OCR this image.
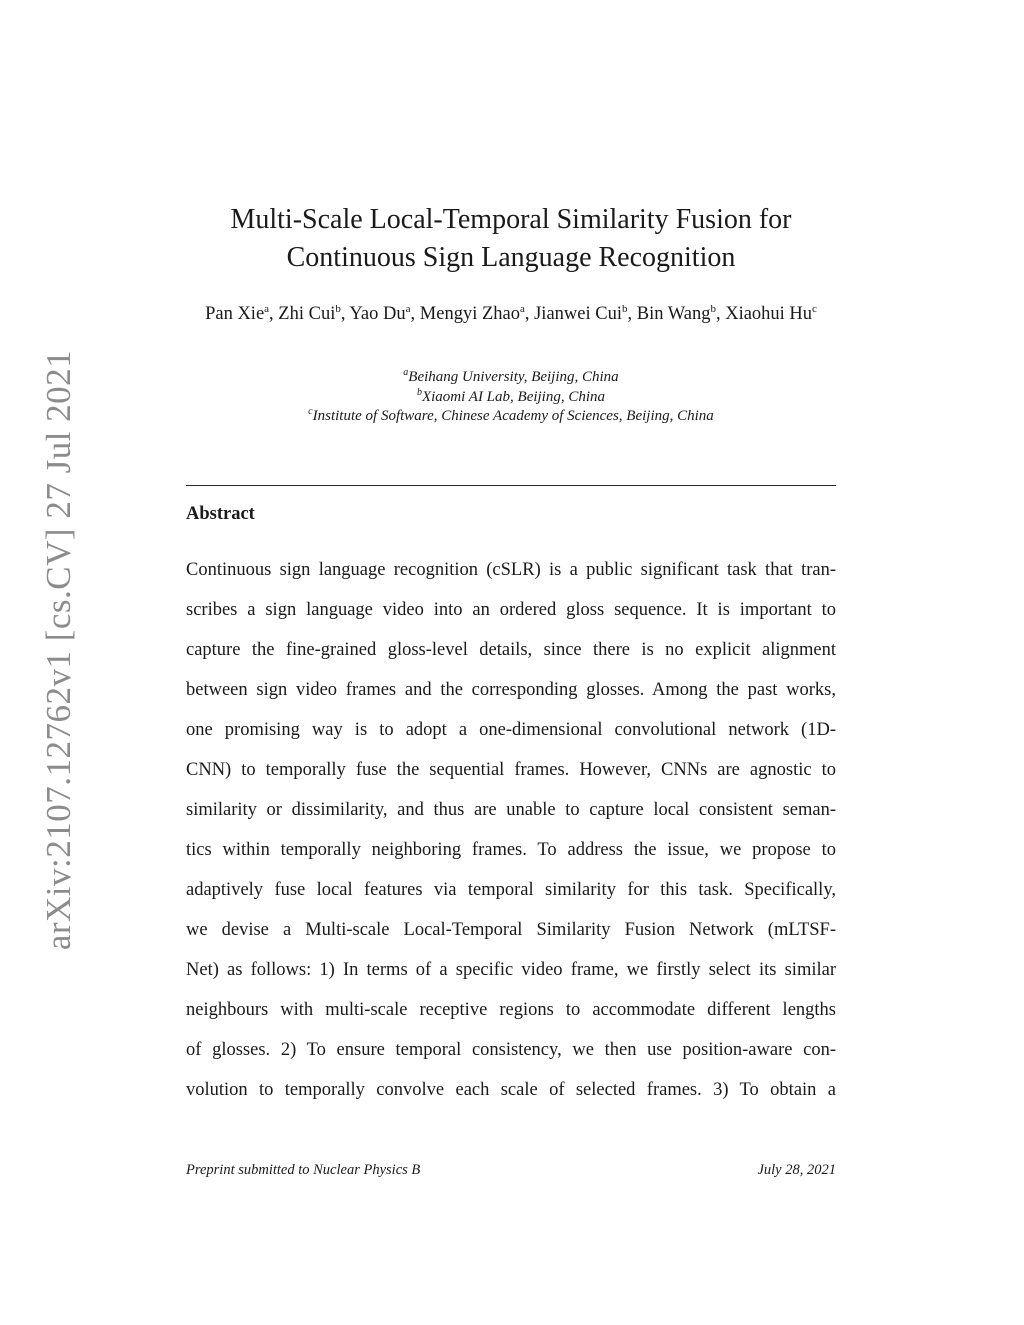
arXiv:2107.12762v1 [cs.CV] 27 Jul 2021
Multi-Scale Local-Temporal Similarity Fusion for
Continuous Sign Language Recognition
Pan Xie$^a$, Zhi Cui$^b$, Yao Du$^a$, Mengyi Zhao$^a$, Jianwei Cui$^b$, Bin Wang$^b$, Xiaohui Hu$^c$
$^a$Beihang University, Beijing, China
$^b$Xiaomi AI Lab, Beijing, China
$^c$Institute of Software, Chinese Academy of Sciences, Beijing, China
Abstract
Continuous sign language recognition (cSLR) is a public significant task that tran-
scribes a sign language video into an ordered gloss sequence. It is important to
capture the fine-grained gloss-level details, since there is no explicit alignment
between sign video frames and the corresponding glosses. Among the past works,
one promising way is to adopt a one-dimensional convolutional network (1D-
CNN) to temporally fuse the sequential frames. However, CNNs are agnostic to
similarity or dissimilarity, and thus are unable to capture local consistent seman-
tics within temporally neighboring frames. To address the issue, we propose to
adaptively fuse local features via temporal similarity for this task. Specifically,
we devise a Multi-scale Local-Temporal Similarity Fusion Network (mLTSF-
Net) as follows: 1) In terms of a specific video frame, we firstly select its similar
neighbours with multi-scale receptive regions to accommodate different lengths
of glosses. 2) To ensure temporal consistency, we then use position-aware con-
volution to temporally convolve each scale of selected frames. 3) To obtain a
Preprint submitted to Nuclear Physics B	July 28, 2021
